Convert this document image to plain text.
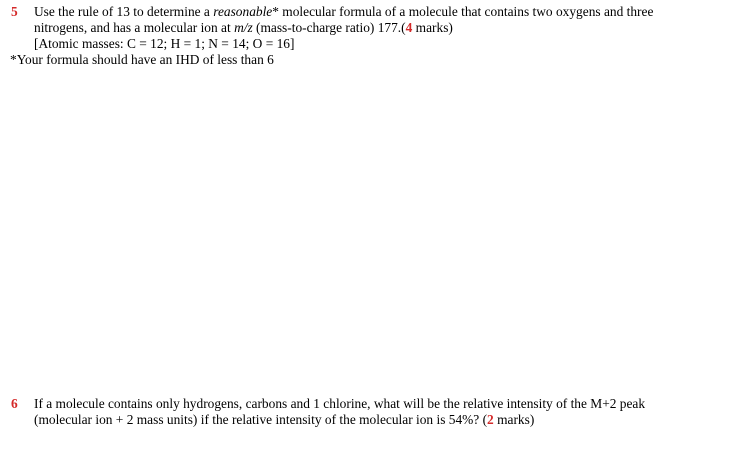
5 Use the rule of 13 to determine a reasonable* molecular formula of a molecule that contains two oxygens and three
nitrogens, and has a molecular ion at m/z (mass-to-charge ratio) 177.(4 marks)
[Atomic masses: C = 12; H = 1; N = 14; O = 16]
*Your formula should have an IHD of less than 6
6 If a molecule contains only hydrogens, carbons and 1 chlorine, what will be the relative intensity of the M+2 peak
(molecular ion + 2 mass units) if the relative intensity of the molecular ion is 54%? (2 marks)
